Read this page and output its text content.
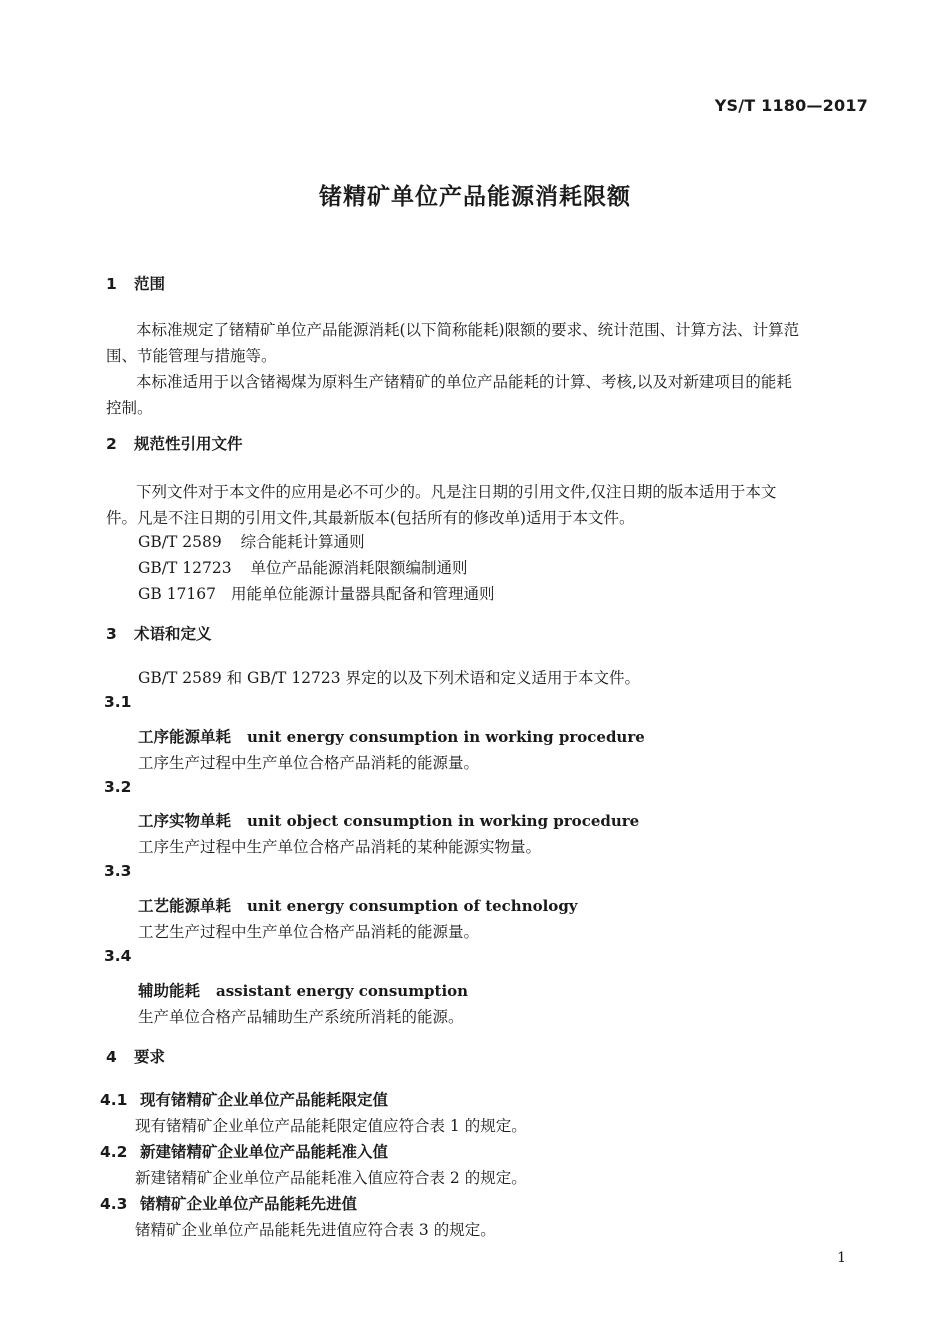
YS/T 1180—2017
锗精矿单位产品能源消耗限额
1 范围
本标准规定了锗精矿单位产品能源消耗(以下简称能耗)限额的要求、统计范围、计算方法、计算范
围、节能管理与措施等。
本标准适用于以含锗褐煤为原料生产锗精矿的单位产品能耗的计算、考核,以及对新建项目的能耗
控制。
2 规范性引用文件
下列文件对于本文件的应用是必不可少的。凡是注日期的引用文件,仅注日期的版本适用于本文
件。凡是不注日期的引用文件,其最新版本(包括所有的修改单)适用于本文件。
GB/T 2589 综合能耗计算通则
GB/T 12723 单位产品能源消耗限额编制通则
GB 17167 用能单位能源计量器具配备和管理通则
3 术语和定义
GB/T 2589 和 GB/T 12723 界定的以及下列术语和定义适用于本文件。
3.1
工序能源单耗 unit energy consumption in working procedure
工序生产过程中生产单位合格产品消耗的能源量。
3.2
工序实物单耗 unit object consumption in working procedure
工序生产过程中生产单位合格产品消耗的某种能源实物量。
3.3
工艺能源单耗 unit energy consumption of technology
工艺生产过程中生产单位合格产品消耗的能源量。
3.4
辅助能耗 assistant energy consumption
生产单位合格产品辅助生产系统所消耗的能源。
4 要求
4.1 现有锗精矿企业单位产品能耗限定值
现有锗精矿企业单位产品能耗限定值应符合表 1 的规定。
4.2 新建锗精矿企业单位产品能耗准入值
新建锗精矿企业单位产品能耗准入值应符合表 2 的规定。
4.3 锗精矿企业单位产品能耗先进值
锗精矿企业单位产品能耗先进值应符合表 3 的规定。
1
